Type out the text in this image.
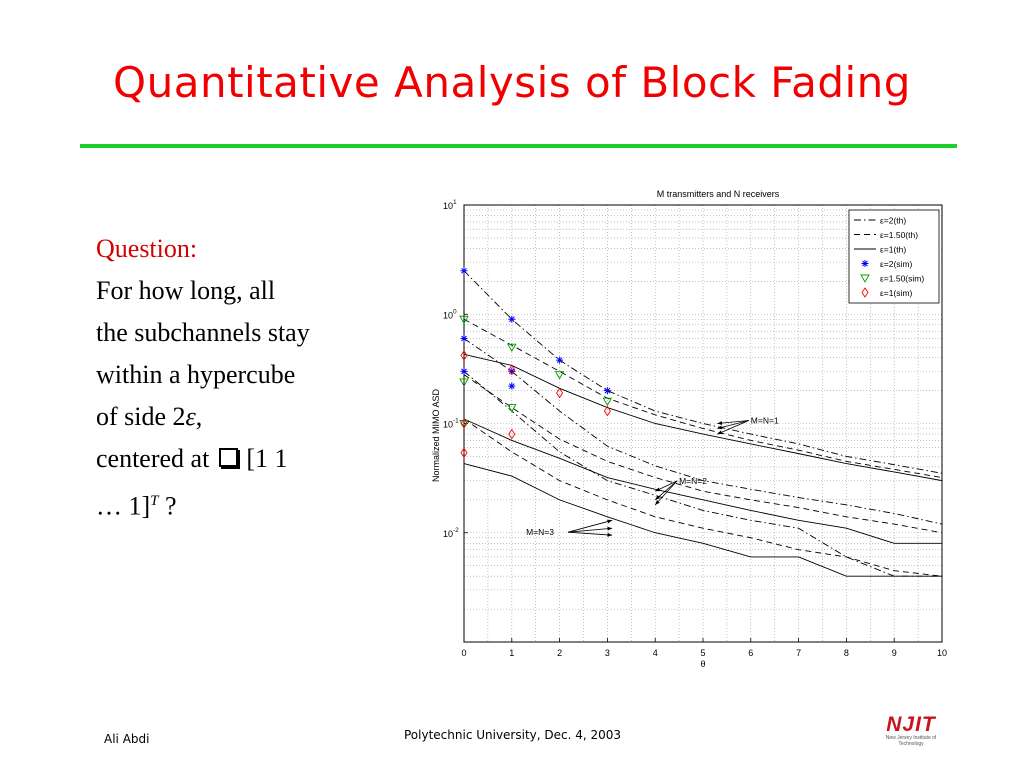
Quantitative Analysis of Block Fading
Question:
For how long, all
the subchannels stay
within a hypercube
of side 2ε,
centered at [1 1
… 1]$^T$ ?
0	1	2	3	4	5	6	7	8	9	10
$10^1$
$10^0$
$10^{-1}$
$10^{-2}$
M transmitters and N receivers
θ
Normalized MIMO ASD	M=N=1
M=N=2
M=N=3
ε=2(th)
ε=1.50(th)
ε=1(th)
ε=2(sim)
ε=1.50(sim)
ε=1(sim)
Ali Abdi	Polytechnic University, Dec. 4, 2003	NJIT
New Jersey Institute of Technology
